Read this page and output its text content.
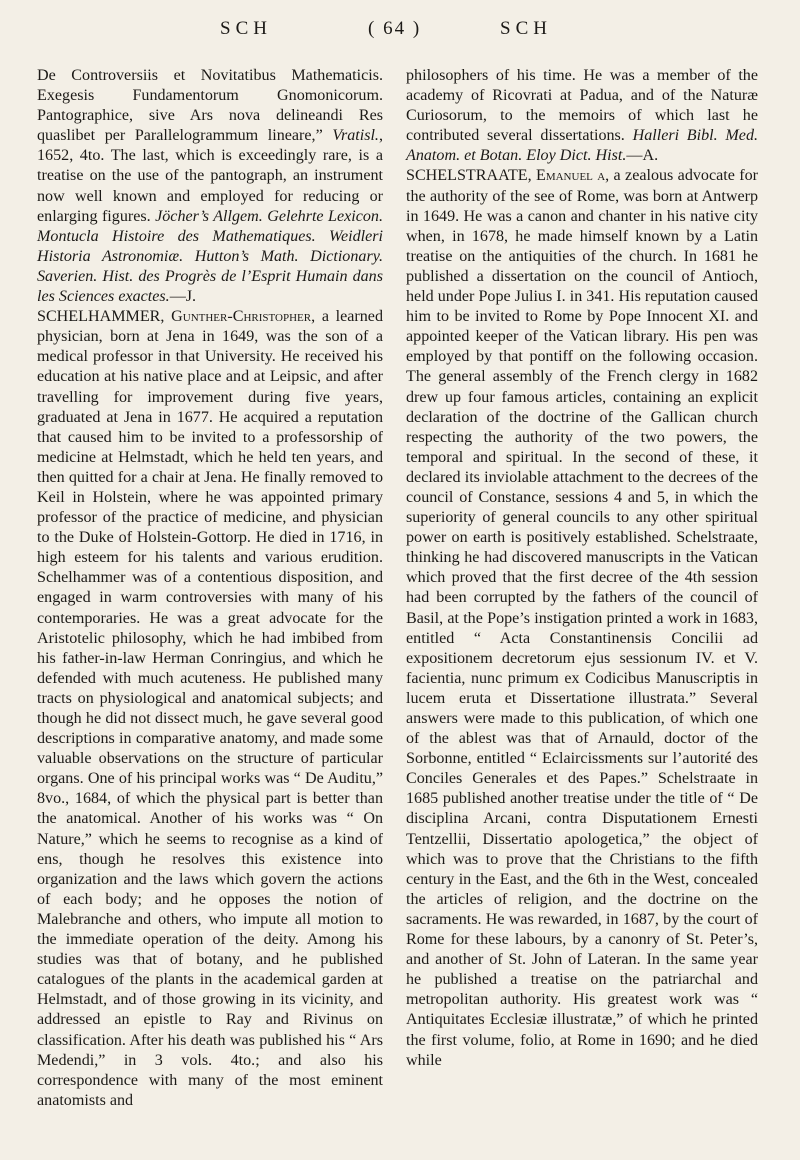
SCH	( 64 )	SCH

De Controversiis et Novitatibus Mathematicis. Exegesis Fundamentorum Gnomonicorum. Pantographice, sive Ars nova delineandi Res quaslibet per Parallelogrammum lineare,” Vratisl., 1652, 4to. The last, which is exceedingly rare, is a treatise on the use of the pantograph, an instrument now well known and employed for reducing or enlarging figures. Jöcher’s Allgem. Gelehrte Lexicon. Montucla Histoire des Mathematiques. Weidleri Historia Astronomiæ. Hutton’s Math. Dictionary. Saverien. Hist. des Progrès de l’Esprit Humain dans les Sciences exactes.—J.

SCHELHAMMER, Gunther-Christopher, a learned physician, born at Jena in 1649, was the son of a medical professor in that University. He received his education at his native place and at Leipsic, and after travelling for improvement during five years, graduated at Jena in 1677. He acquired a reputation that caused him to be invited to a professorship of medicine at Helmstadt, which he held ten years, and then quitted for a chair at Jena. He finally removed to Keil in Holstein, where he was appointed primary professor of the practice of medicine, and physician to the Duke of Holstein-Gottorp. He died in 1716, in high esteem for his talents and various erudition. Schelhammer was of a contentious disposition, and engaged in warm controversies with many of his contemporaries. He was a great advocate for the Aristotelic philosophy, which he had imbibed from his father-in-law Herman Conringius, and which he defended with much acuteness. He published many tracts on physiological and anatomical subjects; and though he did not dissect much, he gave several good descriptions in comparative anatomy, and made some valuable observations on the structure of particular organs. One of his principal works was “ De Auditu,” 8vo., 1684, of which the physical part is better than the anatomical. Another of his works was “ On Nature,” which he seems to recognise as a kind of ens, though he resolves this existence into organization and the laws which govern the actions of each body; and he opposes the notion of Malebranche and others, who impute all motion to the immediate operation of the deity. Among his studies was that of botany, and he published catalogues of the plants in the academical garden at Helmstadt, and of those growing in its vicinity, and addressed an epistle to Ray and Rivinus on classification. After his death was published his “ Ars Medendi,” in 3 vols. 4to.; and also his correspondence with many of the most eminent anatomists and

philosophers of his time. He was a member of the academy of Ricovrati at Padua, and of the Naturæ Curiosorum, to the memoirs of which last he contributed several dissertations. Halleri Bibl. Med. Anatom. et Botan. Eloy Dict. Hist.—A.

SCHELSTRAATE, Emanuel a, a zealous advocate for the authority of the see of Rome, was born at Antwerp in 1649. He was a canon and chanter in his native city when, in 1678, he made himself known by a Latin treatise on the antiquities of the church. In 1681 he published a dissertation on the council of Antioch, held under Pope Julius I. in 341. His reputation caused him to be invited to Rome by Pope Innocent XI. and appointed keeper of the Vatican library. His pen was employed by that pontiff on the following occasion. The general assembly of the French clergy in 1682 drew up four famous articles, containing an explicit declaration of the doctrine of the Gallican church respecting the authority of the two powers, the temporal and spiritual. In the second of these, it declared its inviolable attachment to the decrees of the council of Constance, sessions 4 and 5, in which the superiority of general councils to any other spiritual power on earth is positively established. Schelstraate, thinking he had discovered manuscripts in the Vatican which proved that the first decree of the 4th session had been corrupted by the fathers of the council of Basil, at the Pope’s instigation printed a work in 1683, entitled “ Acta Constantinensis Concilii ad expositionem decretorum ejus sessionum IV. et V. facientia, nunc primum ex Codicibus Manuscriptis in lucem eruta et Dissertatione illustrata.” Several answers were made to this publication, of which one of the ablest was that of Arnauld, doctor of the Sorbonne, entitled “ Eclaircissments sur l’autorité des Conciles Generales et des Papes.” Schelstraate in 1685 published another treatise under the title of “ De disciplina Arcani, contra Disputationem Ernesti Tentzellii, Dissertatio apologetica,” the object of which was to prove that the Christians to the fifth century in the East, and the 6th in the West, concealed the articles of religion, and the doctrine on the sacraments. He was rewarded, in 1687, by the court of Rome for these labours, by a canonry of St. Peter’s, and another of St. John of Lateran. In the same year he published a treatise on the patriarchal and metropolitan authority. His greatest work was “ Antiquitates Ecclesiæ illustratæ,” of which he printed the first volume, folio, at Rome in 1690; and he died while
